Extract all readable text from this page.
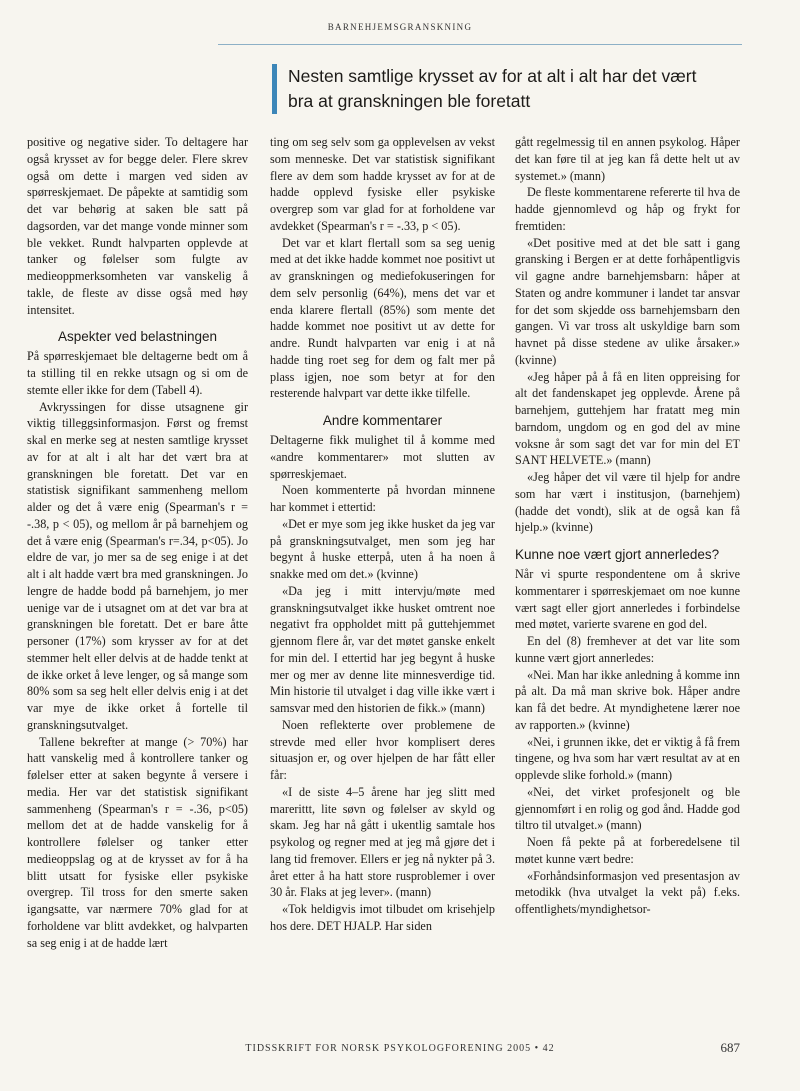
BARNEHJEMSGRANSKNING
Nesten samtlige krysset av for at alt i alt har det vært bra at granskningen ble foretatt

positive og negative sider. To deltagere har også krysset av for begge deler. Flere skrev også om dette i margen ved siden av spørreskjemaet. De påpekte at samtidig som det var behørig at saken ble satt på dagsorden, var det mange vonde minner som ble vekket. Rundt halvparten opplevde at tanker og følelser som fulgte av medieoppmerksomheten var vanskelig å takle, de fleste av disse også med høy intensitet.

Aspekter ved belastningen

På spørreskjemaet ble deltagerne bedt om å ta stilling til en rekke utsagn og si om de stemte eller ikke for dem (Tabell 4).

Avkryssingen for disse utsagnene gir viktig tilleggsinformasjon. Først og fremst skal en merke seg at nesten samtlige krysset av for at alt i alt har det vært bra at granskningen ble foretatt. Det var en statistisk signifikant sammenheng mellom alder og det å være enig (Spearman's r = -.38, p < 05), og mellom år på barnehjem og det å være enig (Spearman's r=.34, p<05). Jo eldre de var, jo mer sa de seg enige i at det alt i alt hadde vært bra med granskningen. Jo lengre de hadde bodd på barnehjem, jo mer uenige var de i utsagnet om at det var bra at granskningen ble foretatt. Det er bare åtte personer (17%) som krysser av for at det stemmer helt eller delvis at de hadde tenkt at de ikke orket å leve lenger, og så mange som 80% som sa seg helt eller delvis enig i at det var mye de ikke orket å fortelle til granskningsutvalget.

Tallene bekrefter at mange (> 70%) har hatt vanskelig med å kontrollere tanker og følelser etter at saken begynte å versere i media. Her var det statistisk signifikant sammenheng (Spearman's r = -.36, p<05) mellom det at de hadde vanskelig for å kontrollere følelser og tanker etter medieoppslag og at de krysset av for å ha blitt utsatt for fysiske eller psykiske overgrep. Til tross for den smerte saken igangsatte, var nærmere 70% glad for at forholdene var blitt avdekket, og halvparten sa seg enig i at de hadde lært

ting om seg selv som ga opplevelsen av vekst som menneske. Det var statistisk signifikant flere av dem som hadde krysset av for at de hadde opplevd fysiske eller psykiske overgrep som var glad for at forholdene var avdekket (Spearman's r = -.33, p < 05).

Det var et klart flertall som sa seg uenig med at det ikke hadde kommet noe positivt ut av granskningen og mediefokuseringen for dem selv personlig (64%), mens det var et enda klarere flertall (85%) som mente det hadde kommet noe positivt ut av dette for andre. Rundt halvparten var enig i at nå hadde ting roet seg for dem og falt mer på plass igjen, noe som betyr at for den resterende halvpart var dette ikke tilfelle.

Andre kommentarer

Deltagerne fikk mulighet til å komme med «andre kommentarer» mot slutten av spørreskjemaet.

Noen kommenterte på hvordan minnene har kommet i ettertid:

«Det er mye som jeg ikke husket da jeg var på granskningsutvalget, men som jeg har begynt å huske etterpå, uten å ha noen å snakke med om det.» (kvinne)

«Da jeg i mitt intervju/møte med granskningsutvalget ikke husket omtrent noe negativt fra oppholdet mitt på guttehjemmet gjennom flere år, var det møtet ganske enkelt for min del. I ettertid har jeg begynt å huske mer og mer av denne lite minnesverdige tid. Min historie til utvalget i dag ville ikke vært i samsvar med den historien de fikk.» (mann)

Noen reflekterte over problemene de strevde med eller hvor komplisert deres situasjon er, og over hjelpen de har fått eller får:

«I de siste 4–5 årene har jeg slitt med marerittt, lite søvn og følelser av skyld og skam. Jeg har nå gått i ukentlig samtale hos psykolog og regner med at jeg må gjøre det i lang tid fremover. Ellers er jeg nå nykter på 3. året etter å ha hatt store rusproblemer i over 30 år. Flaks at jeg lever». (mann)

«Tok heldigvis imot tilbudet om krisehjelp hos dere. DET HJALP. Har siden

gått regelmessig til en annen psykolog. Håper det kan føre til at jeg kan få dette helt ut av systemet.» (mann)

De fleste kommentarene refererte til hva de hadde gjennomlevd og håp og frykt for fremtiden:

«Det positive med at det ble satt i gang gransking i Bergen er at dette forhåpentligvis vil gagne andre barnehjemsbarn: håper at Staten og andre kommuner i landet tar ansvar for det som skjedde oss barnehjemsbarn den gangen. Vi var tross alt uskyldige barn som havnet på disse stedene av ulike årsaker.» (kvinne)

«Jeg håper på å få en liten oppreising for alt det fandenskapet jeg opplevde. Årene på barnehjem, guttehjem har fratatt meg min barndom, ungdom og en god del av mine voksne år som sagt det var for min del ET SANT HELVETE.» (mann)

«Jeg håper det vil være til hjelp for andre som har vært i institusjon, (barnehjem) (hadde det vondt), slik at de også kan få hjelp.» (kvinne)

Kunne noe vært gjort annerledes?

Når vi spurte respondentene om å skrive kommentarer i spørreskjemaet om noe kunne vært sagt eller gjort annerledes i forbindelse med møtet, varierte svarene en god del.

En del (8) fremhever at det var lite som kunne vært gjort annerledes:

«Nei. Man har ikke anledning å komme inn på alt. Da må man skrive bok. Håper andre kan få det bedre. At myndighetene lærer noe av rapporten.» (kvinne)

«Nei, i grunnen ikke, det er viktig å få frem tingene, og hva som har vært resultat av at en opplevde slike forhold.» (mann)

«Nei, det virket profesjonelt og ble gjennomført i en rolig og god ånd. Hadde god tiltro til utvalget.» (mann)

Noen få pekte på at forberedelsene til møtet kunne vært bedre:

«Forhåndsinformasjon ved presentasjon av metodikk (hva utvalget la vekt på) f.eks. offentlighets/myndighetsor-

TIDSSKRIFT FOR NORSK PSYKOLOGFORENING 2005 • 42	687
